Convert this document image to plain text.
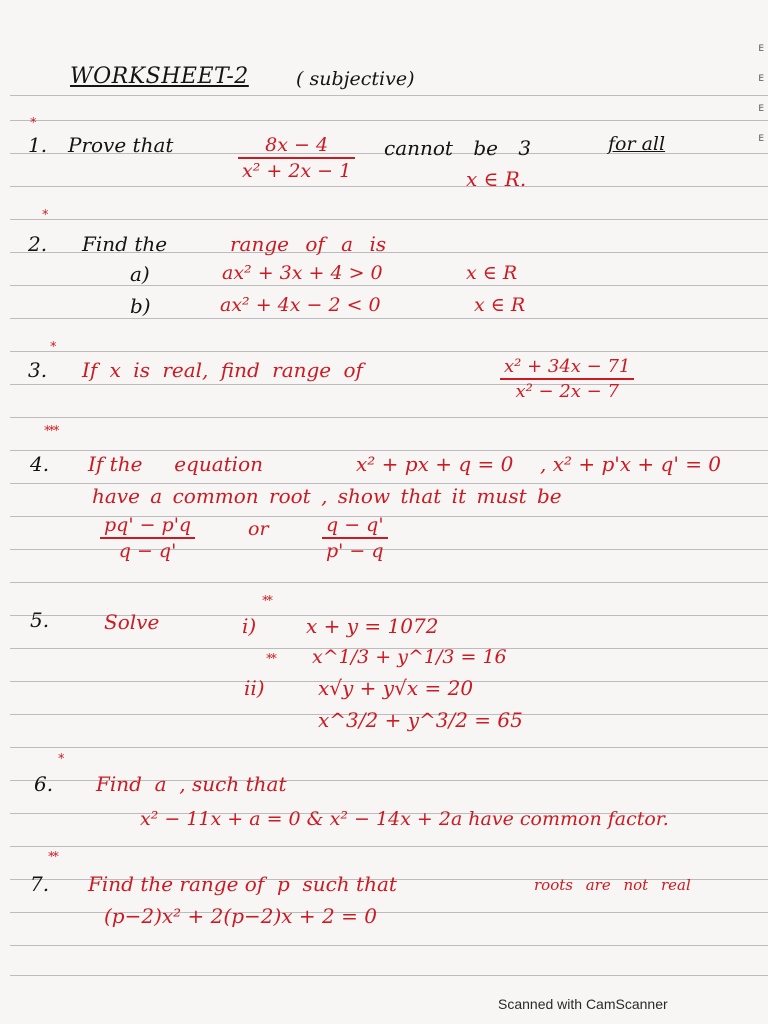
WORKSHEET-2 ( subjective)
*
1. Prove that	8x − 4
x² + 2x − 1
cannot be 3	for all
x ∈ R.
*
2. Find the	range of a is
a)	ax² + 3x + 4 > 0	x ∈ R
b)	ax² + 4x − 2 < 0	x ∈ R
*
3. If x is real, find range of	x² + 34x − 71
x² − 2x − 7
***
4. If the     equation	x² + px + q = 0 , x² + p'x + q' = 0
have a common root , show that it must be
pq' − p'q
q − q'
or	q − q'
p' − q
5.	Solve
**
i) x + y = 1072
** x^1/3 + y^1/3 = 16
ii)	x√y + y√x = 20
x^3/2 + y^3/2 = 65
*
6. Find  a  , such that
x² − 11x + a = 0 & x² − 14x + 2a have common factor.
**
7. Find the range of  p  such that	roots are not real
(p−2)x² + 2(p−2)x + 2 = 0
E
E
E
E
Scanned with CamScanner
